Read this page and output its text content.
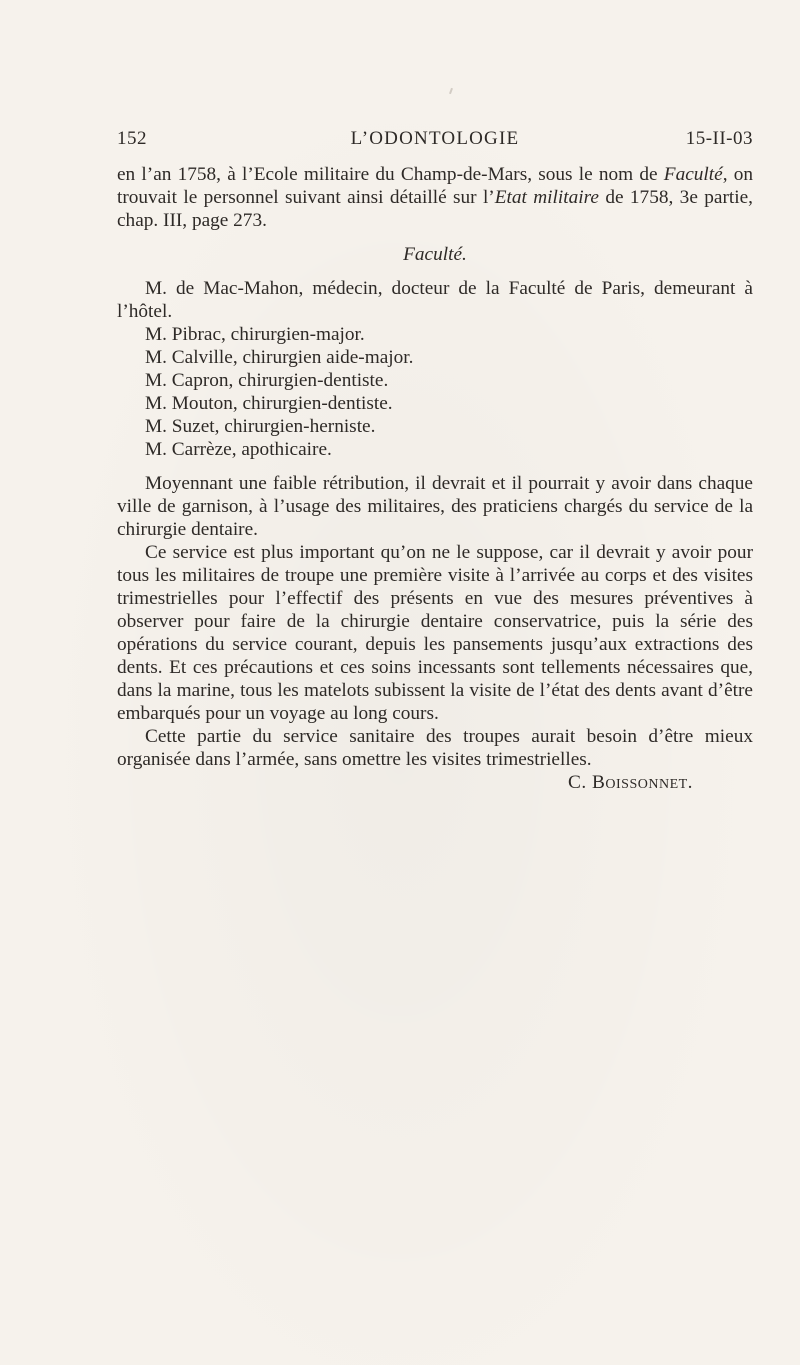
152	L’ODONTOLOGIE	15-II-03

en l’an 1758, à l’Ecole militaire du Champ-de-Mars, sous le nom de Faculté, on trouvait le personnel suivant ainsi détaillé sur l’Etat militaire de 1758, 3e partie, chap. III, page 273.

Faculté.

M. de Mac-Mahon, médecin, docteur de la Faculté de Paris, demeurant à l’hôtel.

M. Pibrac, chirurgien-major.

M. Calville, chirurgien aide-major.

M. Capron, chirurgien-dentiste.

M. Mouton, chirurgien-dentiste.

M. Suzet, chirurgien-herniste.

M. Carrèze, apothicaire.

Moyennant une faible rétribution, il devrait et il pourrait y avoir dans chaque ville de garnison, à l’usage des militaires, des praticiens chargés du service de la chirurgie dentaire.

Ce service est plus important qu’on ne le suppose, car il devrait y avoir pour tous les militaires de troupe une première visite à l’arrivée au corps et des visites trimestrielles pour l’effectif des présents en vue des mesures préventives à observer pour faire de la chirurgie dentaire conservatrice, puis la série des opérations du service courant, depuis les pansements jusqu’aux extractions des dents. Et ces précautions et ces soins incessants sont tellements nécessaires que, dans la marine, tous les matelots subissent la visite de l’état des dents avant d’être embarqués pour un voyage au long cours.

Cette partie du service sanitaire des troupes aurait besoin d’être mieux organisée dans l’armée, sans omettre les visites trimestrielles.

C. Boissonnet.
